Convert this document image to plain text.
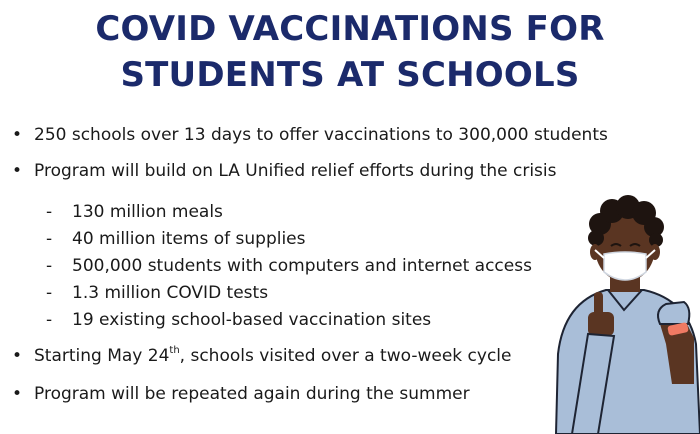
COVID VACCINATIONS FOR
STUDENTS AT SCHOOLS
• 250 schools over 13 days to offer vaccinations to 300,000 students
• Program will build on LA Unified relief efforts during the crisis
- 130 million meals
- 40 million items of supplies
- 500,000 students with computers and internet access
- 1.3 million COVID tests
- 19 existing school-based vaccination sites
• Starting May 24th, schools visited over a two-week cycle
• Program will be repeated again during the summer
